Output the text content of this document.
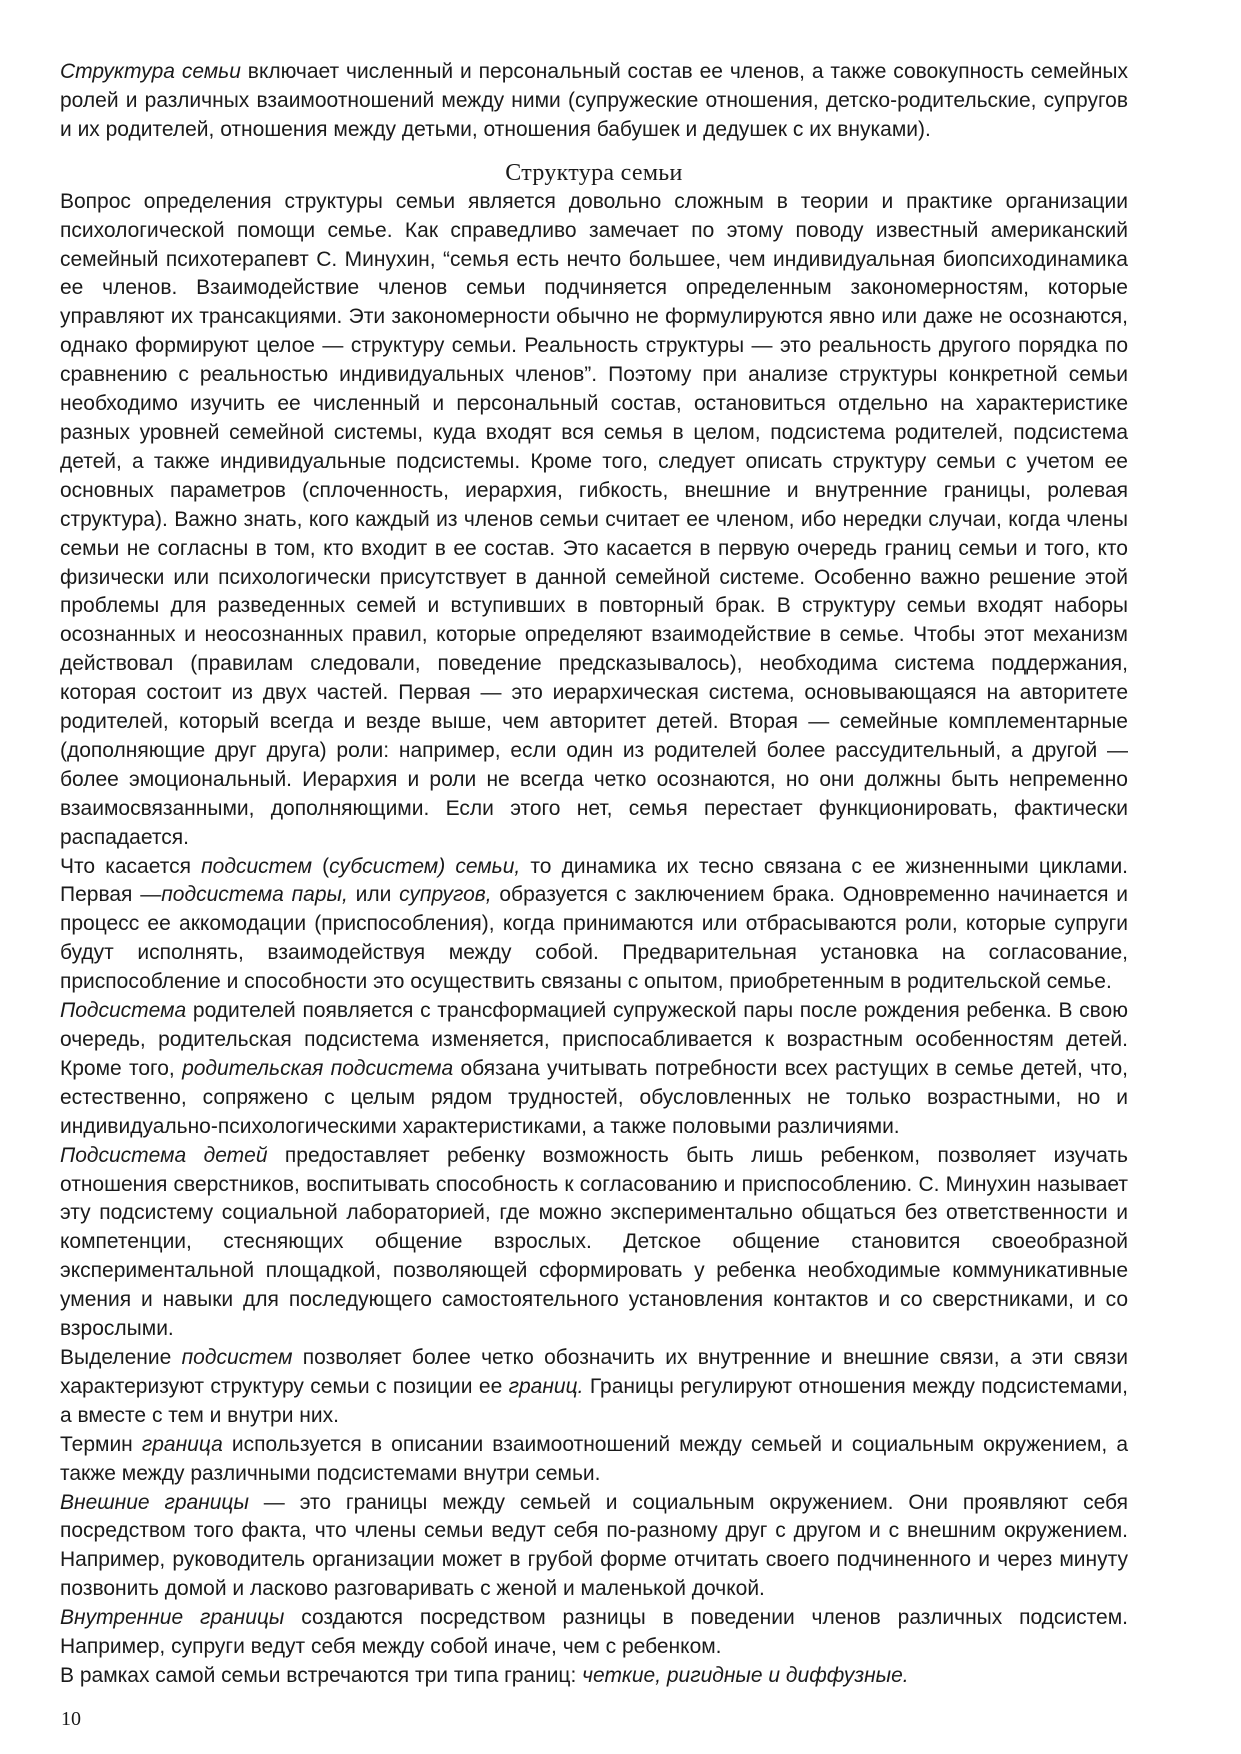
Структура семьи включает численный и персональный состав ее членов, а также совокупность семейных ролей и различных взаимоотношений между ними (супружеские отношения, детско-родительские, супругов и их родителей, отношения между детьми, отношения бабушек и дедушек с их внуками).

Структура семьи

Вопрос определения структуры семьи является довольно сложным в теории и практике организации психологической помощи семье. Как справедливо замечает по этому поводу известный американский семейный психотерапевт С. Минухин, “семья есть нечто большее, чем индивидуальная биопсиходинамика ее членов. Взаимодействие членов семьи подчиняется определенным закономерностям, которые управляют их трансакциями. Эти закономерности обычно не формулируются явно или даже не осознаются, однако формируют целое — структуру семьи. Реальность структуры — это реальность другого порядка по сравнению с реальностью индивидуальных членов”. Поэтому при анализе структуры конкретной семьи необходимо изучить ее численный и персональный состав, остановиться отдельно на характеристике разных уровней семейной системы, куда входят вся семья в целом, подсистема родителей, подсистема детей, а также индивидуальные подсистемы. Кроме того, следует описать структуру семьи с учетом ее основных параметров (сплоченность, иерархия, гибкость, внешние и внутренние границы, ролевая структура). Важно знать, кого каждый из членов семьи считает ее членом, ибо нередки случаи, когда члены семьи не согласны в том, кто входит в ее состав. Это касается в первую очередь границ семьи и того, кто физически или психологически присутствует в данной семейной системе. Особенно важно решение этой проблемы для разведенных семей и вступивших в повторный брак. В структуру семьи входят наборы осознанных и неосознанных правил, которые определяют взаимодействие в семье. Чтобы этот механизм действовал (правилам следовали, поведение предсказывалось), необходима система поддержания, которая состоит из двух частей. Первая — это иерархическая система, основывающаяся на авторитете родителей, который всегда и везде выше, чем авторитет детей. Вторая — семейные комплементарные (дополняющие друг друга) роли: например, если один из родителей более рассудительный, а другой — более эмоциональный. Иерархия и роли не всегда четко осознаются, но они должны быть непременно взаимосвязанными, дополняющими. Если этого нет, семья перестает функционировать, фактически распадается.

Что касается подсистем (субсистем) семьи, то динамика их тесно связана с ее жизненными циклами. Первая —подсистема пары, или супругов, образуется с заключением брака. Одновременно начинается и процесс ее аккомодации (приспособления), когда принимаются или отбрасываются роли, которые супруги будут исполнять, взаимодействуя между собой. Предварительная установка на согласование, приспособление и способности это осуществить связаны с опытом, приобретенным в родительской семье.

Подсистема родителей появляется с трансформацией супружеской пары после рождения ребенка. В свою очередь, родительская подсистема изменяется, приспосабливается к возрастным особенностям детей. Кроме того, родительская подсистема обязана учитывать потребности всех растущих в семье детей, что, естественно, сопряжено с целым рядом трудностей, обусловленных не только возрастными, но и индивидуально-психологическими характеристиками, а также половыми различиями.

Подсистема детей предоставляет ребенку возможность быть лишь ребенком, позволяет изучать отношения сверстников, воспитывать способность к согласованию и приспособлению. С. Минухин называет эту подсистему социальной лабораторией, где можно экспериментально общаться без ответственности и компетенции, стесняющих общение взрослых. Детское общение становится своеобразной экспериментальной площадкой, позволяющей сформировать у ребенка необходимые коммуникативные умения и навыки для последующего самостоятельного установления контактов и со сверстниками, и со взрослыми.

Выделение подсистем позволяет более четко обозначить их внутренние и внешние связи, а эти связи характеризуют структуру семьи с позиции ее границ. Границы регулируют отношения между подсистемами, а вместе с тем и внутри них.

Термин граница используется в описании взаимоотношений между семьей и социальным окружением, а также между различными подсистемами внутри семьи.

Внешние границы — это границы между семьей и социальным окружением. Они проявляют себя посредством того факта, что члены семьи ведут себя по-разному друг с другом и с внешним окружением. Например, руководитель организации может в грубой форме отчитать своего подчиненного и через минуту позвонить домой и ласково разговаривать с женой и маленькой дочкой.

Внутренние границы создаются посредством разницы в поведении членов различных подсистем. Например, супруги ведут себя между собой иначе, чем с ребенком.

В рамках самой семьи встречаются три типа границ: четкие, ригидные и диффузные.

10
